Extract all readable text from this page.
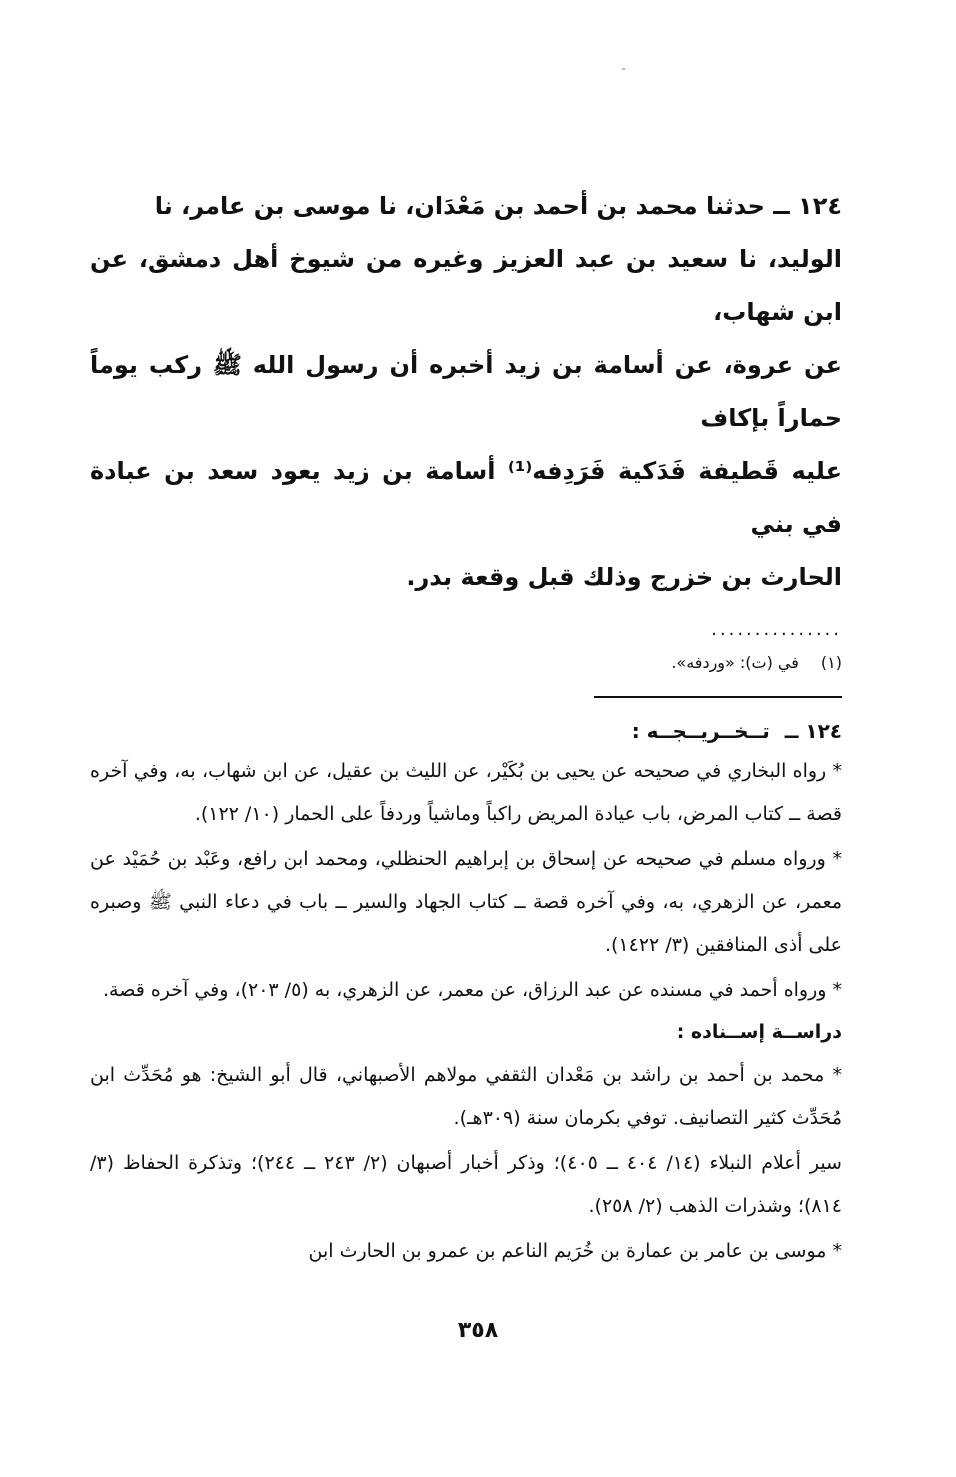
١٢٤ ــ حدثنا محمد بن أحمد بن مَعْدَان، نا موسى بن عامر، نا

الوليد، نا سعيد بن عبد العزيز وغيره من شيوخ أهل دمشق، عن ابن شهاب،

عن عروة، عن أسامة بن زيد أخبره أن رسول الله ﷺ ركب يوماً حماراً بإكاف

عليه قَطيفة فَدَكية فَرَدِفه⁽¹⁾ أسامة بن زيد يعود سعد بن عبادة في بني

الحارث بن خزرج وذلك قبل وقعة بدر.

...............
(١)
في (ت): «وردفه».
١٢٤ ــ تــخــريــجــه :

* رواه البخاري في صحيحه عن يحيى بن بُكَيْر، عن الليث بن عقيل، عن ابن شهاب، به، وفي آخره قصة ــ كتاب المرض، باب عيادة المريض راكباً وماشياً وردفاً على الحمار (١٠/ ١٢٢).

* ورواه مسلم في صحيحه عن إسحاق بن إبراهيم الحنظلي، ومحمد ابن رافع، وعَبْد بن حُمَيْد عن معمر، عن الزهري، به، وفي آخره قصة ــ كتاب الجهاد والسير ــ باب في دعاء النبي ﷺ وصبره على أذى المنافقين (٣/ ١٤٢٢).

* ورواه أحمد في مسنده عن عبد الرزاق، عن معمر، عن الزهري، به (٥/ ٢٠٣)، وفي آخره قصة.

دراســة إســناده :

* محمد بن أحمد بن راشد بن مَعْدان الثقفي مولاهم الأصبهاني، قال أبو الشيخ: هو مُحَدِّث ابن مُحَدِّث كثير التصانيف. توفي بكرمان سنة (٣٠٩هـ).

سير أعلام النبلاء (١٤/ ٤٠٤ ــ ٤٠٥)؛ وذكر أخبار أصبهان (٢/ ٢٤٣ ــ ٢٤٤)؛ وتذكرة الحفاظ (٣/ ٨١٤)؛ وشذرات الذهب (٢/ ٢٥٨).

* موسى بن عامر بن عمارة بن خُرَيم الناعم بن عمرو بن الحارث ابن

٣٥٨
